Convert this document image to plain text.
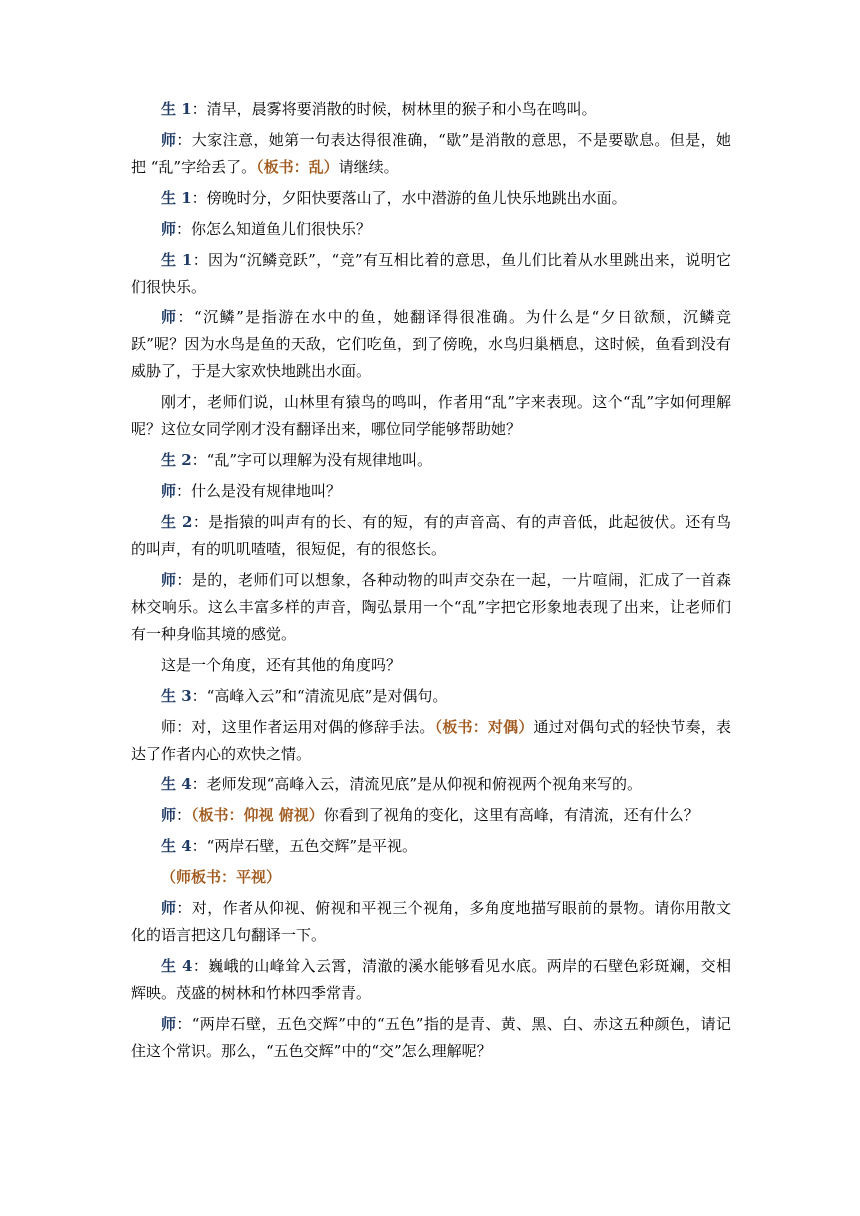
生 1：清早，晨雾将要消散的时候，树林里的猴子和小鸟在鸣叫。

师：大家注意，她第一句表达得很准确，“歇”是消散的意思，不是要歇息。但是，她把 “乱”字给丢了。（板书：乱）请继续。

生 1：傍晚时分，夕阳快要落山了，水中潜游的鱼儿快乐地跳出水面。

师：你怎么知道鱼儿们很快乐？

生 1：因为“沉鳞竞跃”，“竞”有互相比着的意思，鱼儿们比着从水里跳出来，说明它们很快乐。

师：“沉鳞”是指游在水中的鱼，她翻译得很准确。为什么是“夕日欲颓，沉鳞竞跃”呢？因为水鸟是鱼的天敌，它们吃鱼，到了傍晚，水鸟归巢栖息，这时候，鱼看到没有威胁了，于是大家欢快地跳出水面。

刚才，老师们说，山林里有猿鸟的鸣叫，作者用“乱”字来表现。这个“乱”字如何理解呢？这位女同学刚才没有翻译出来，哪位同学能够帮助她？

生 2：“乱”字可以理解为没有规律地叫。

师：什么是没有规律地叫？

生 2：是指猿的叫声有的长、有的短，有的声音高、有的声音低，此起彼伏。还有鸟的叫声，有的叽叽喳喳，很短促，有的很悠长。

师：是的，老师们可以想象，各种动物的叫声交杂在一起，一片喧闹，汇成了一首森林交响乐。这么丰富多样的声音，陶弘景用一个“乱”字把它形象地表现了出来，让老师们有一种身临其境的感觉。

这是一个角度，还有其他的角度吗？

生 3：“高峰入云”和“清流见底”是对偶句。

师：对，这里作者运用对偶的修辞手法。（板书：对偶）通过对偶句式的轻快节奏，表达了作者内心的欢快之情。

生 4：老师发现“高峰入云，清流见底”是从仰视和俯视两个视角来写的。

师：（板书：仰视 俯视）你看到了视角的变化，这里有高峰，有清流，还有什么？

生 4：“两岸石壁，五色交辉”是平视。

（师板书：平视）

师：对，作者从仰视、俯视和平视三个视角，多角度地描写眼前的景物。请你用散文化的语言把这几句翻译一下。

生 4：巍峨的山峰耸入云霄，清澈的溪水能够看见水底。两岸的石壁色彩斑斓，交相辉映。茂盛的树林和竹林四季常青。

师：“两岸石壁，五色交辉”中的“五色”指的是青、黄、黑、白、赤这五种颜色，请记住这个常识。那么，“五色交辉”中的“交”怎么理解呢？
